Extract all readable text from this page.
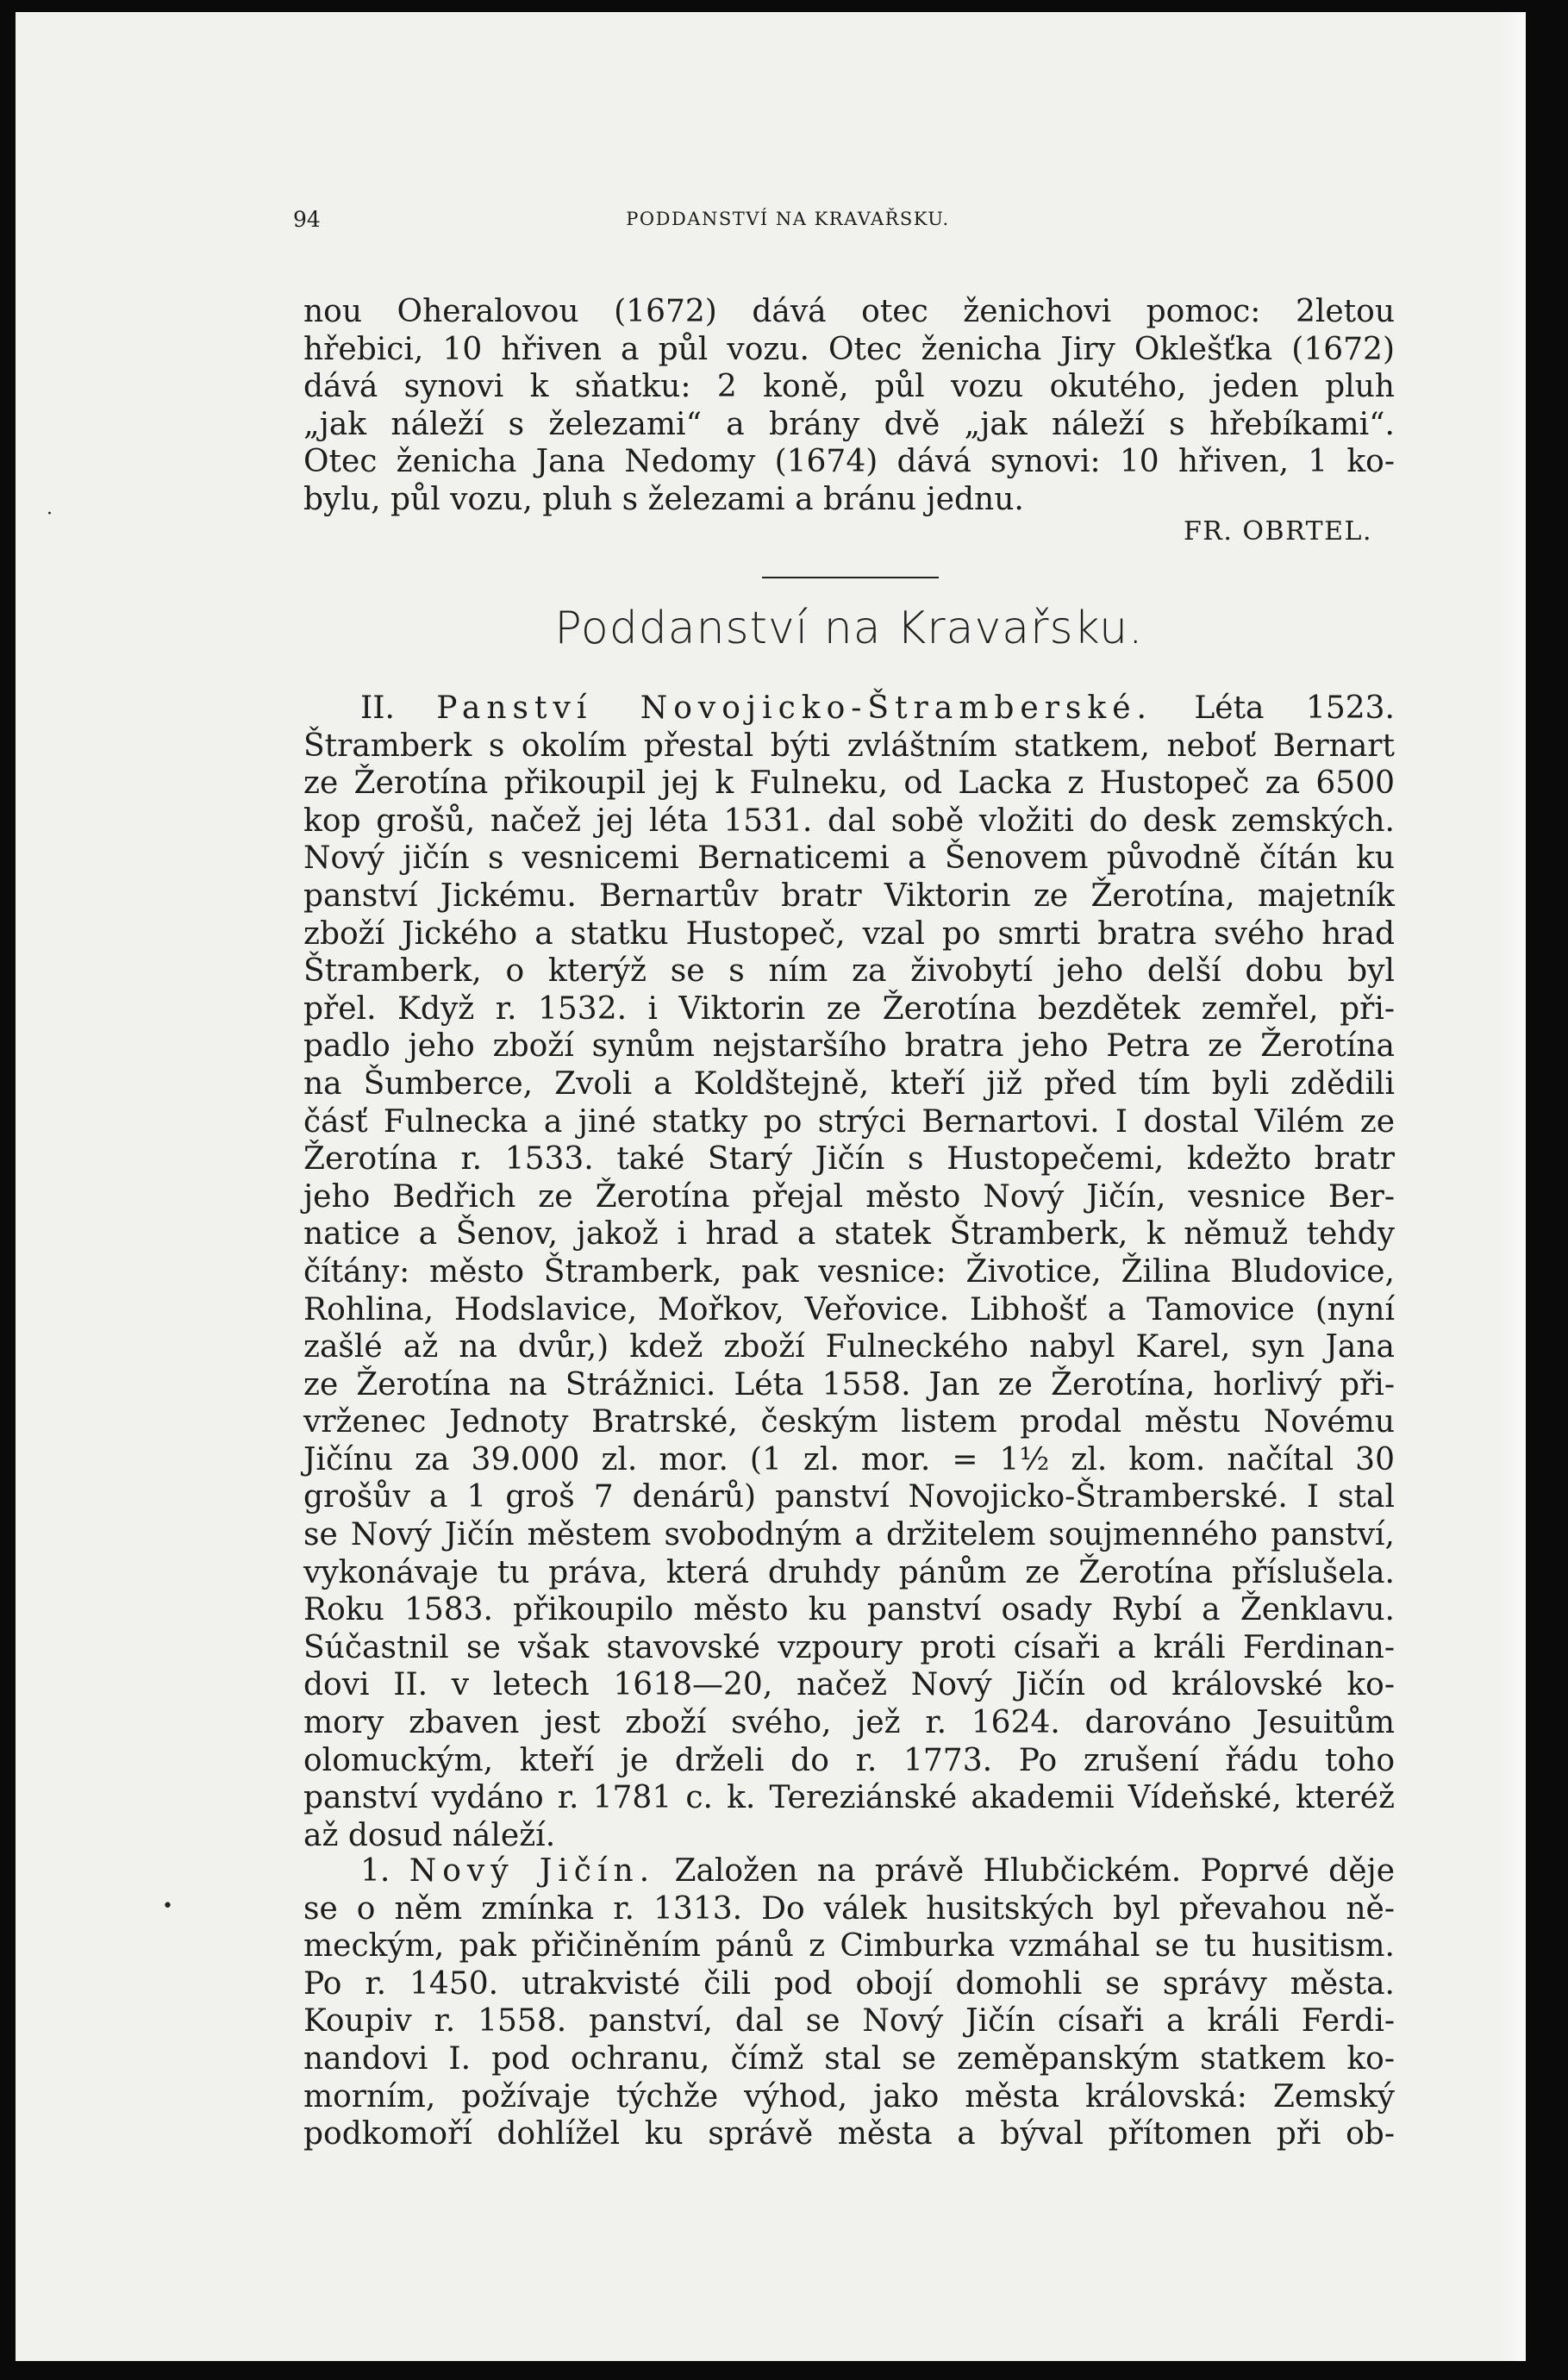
94	PODDANSTVÍ NA KRAVAŘSKU.
nou Oheralovou (1672) dává otec ženichovi pomoc: 2letou
hřebici, 10 hřiven a půl vozu. Otec ženicha Jiry Oklešťka (1672)
dává synovi k sňatku: 2 koně, půl vozu okutého, jeden pluh
„jak náleží s železami“ a brány dvě „jak náleží s hřebíkami“.
Otec ženicha Jana Nedomy (1674) dává synovi: 10 hřiven, 1 ko-
bylu, půl vozu, pluh s železami a bránu jednu.
FR. OBRTEL.
Poddanství na Kravařsku.
II. Panství Novojicko-Štramberské. Léta 1523.
Štramberk s okolím přestal býti zvláštním statkem, neboť Bernart
ze Žerotína přikoupil jej k Fulneku, od Lacka z Hustopeč za 6500
kop grošů, načež jej léta 1531. dal sobě vložiti do desk zemských.
Nový jičín s vesnicemi Bernaticemi a Šenovem původně čítán ku
panství Jickému. Bernartův bratr Viktorin ze Žerotína, majetník
zboží Jického a statku Hustopeč, vzal po smrti bratra svého hrad
Štramberk, o kterýž se s ním za živobytí jeho delší dobu byl
přel. Když r. 1532. i Viktorin ze Žerotína bezdětek zemřel, při-
padlo jeho zboží synům nejstaršího bratra jeho Petra ze Žerotína
na Šumberce, Zvoli a Koldštejně, kteří již před tím byli zdědili
čásť Fulnecka a jiné statky po strýci Bernartovi. I dostal Vilém ze
Žerotína r. 1533. také Starý Jičín s Hustopečemi, kdežto bratr
jeho Bedřich ze Žerotína přejal město Nový Jičín, vesnice Ber-
natice a Šenov, jakož i hrad a statek Štramberk, k němuž tehdy
čítány: město Štramberk, pak vesnice: Životice, Žilina Bludovice,
Rohlina, Hodslavice, Mořkov, Veřovice. Libhošť a Tamovice (nyní
zašlé až na dvůr,) kdež zboží Fulneckého nabyl Karel, syn Jana
ze Žerotína na Strážnici. Léta 1558. Jan ze Žerotína, horlivý při-
vrženec Jednoty Bratrské, českým listem prodal městu Novému
Jičínu za 39.000 zl. mor. (1 zl. mor. = 1½ zl. kom. načítal 30
grošův a 1 groš 7 denárů) panství Novojicko-Štramberské. I stal
se Nový Jičín městem svobodným a držitelem soujmenného panství,
vykonávaje tu práva, která druhdy pánům ze Žerotína příslušela.
Roku 1583. přikoupilo město ku panství osady Rybí a Ženklavu.
Súčastnil se však stavovské vzpoury proti císaři a králi Ferdinan-
dovi II. v letech 1618—20, načež Nový Jičín od královské ko-
mory zbaven jest zboží svého, jež r. 1624. darováno Jesuitům
olomuckým, kteří je drželi do r. 1773. Po zrušení řádu toho
panství vydáno r. 1781 c. k. Tereziánské akademii Vídeňské, kteréž
až dosud náleží.
1. Nový Jičín. Založen na právě Hlubčickém. Poprvé děje
se o něm zmínka r. 1313. Do válek husitských byl převahou ně-
meckým, pak přičiněním pánů z Cimburka vzmáhal se tu husitism.
Po r. 1450. utrakvisté čili pod obojí domohli se správy města.
Koupiv r. 1558. panství, dal se Nový Jičín císaři a králi Ferdi-
nandovi I. pod ochranu, čímž stal se zeměpanským statkem ko-
morním, požívaje týchže výhod, jako města královská: Zemský
podkomoří dohlížel ku správě města a býval přítomen při ob-
·
•
